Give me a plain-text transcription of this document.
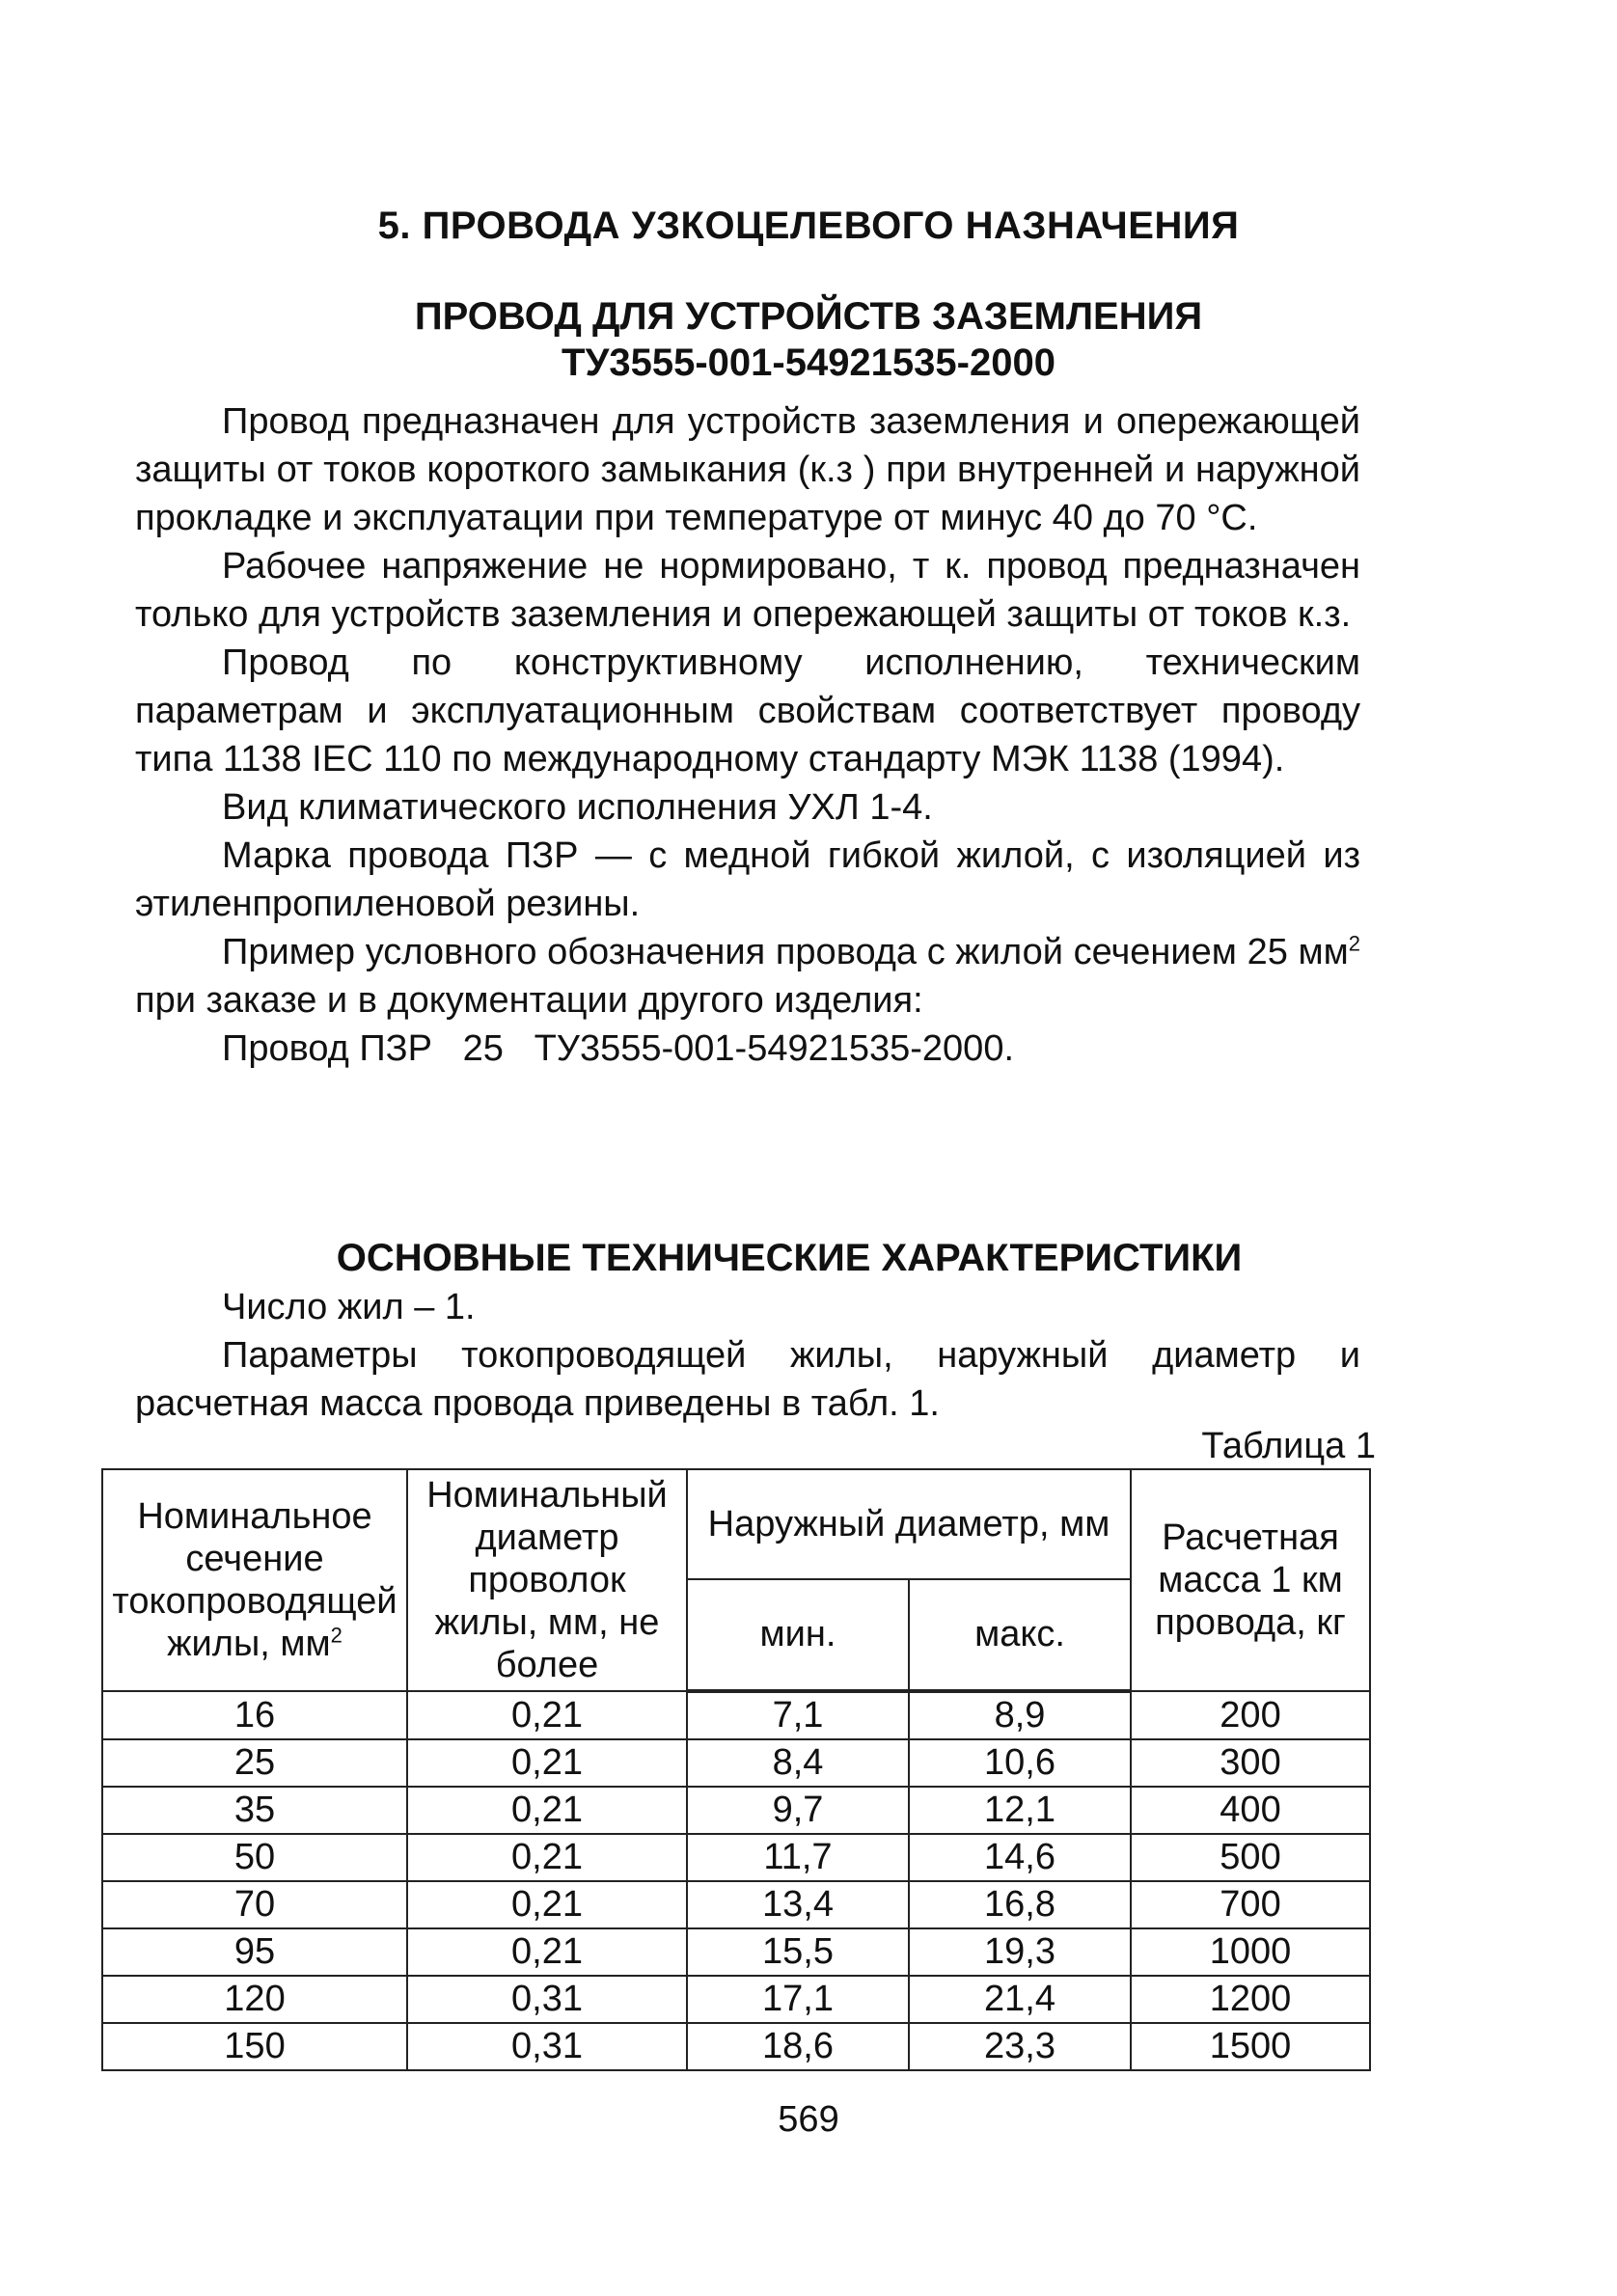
5. ПРОВОДА УЗКОЦЕЛЕВОГО НАЗНАЧЕНИЯ
ПРОВОД ДЛЯ УСТРОЙСТВ ЗАЗЕМЛЕНИЯ
ТУ3555-001-54921535-2000

Провод предназначен для устройств заземления и опережающей защиты от токов короткого замыкания (к.з ) при внутренней и наружной прокладке и эксплуатации при температуре от минус 40 до 70 °С.

Рабочее напряжение не нормировано, т к. провод предназначен только для устройств заземления и опережающей защиты от токов к.з.

Провод по конструктивному исполнению, техническим параметрам и эксплуатационным свойствам соответствует проводу типа 1138 IEC 110 по международному стандарту МЭК 1138 (1994).

Вид климатического исполнения УХЛ 1-4.

Марка провода ПЗР — с медной гибкой жилой, с изоляцией из этиленпропиленовой резины.

Пример условного обозначения провода с жилой сечением 25 $мм^2$ при заказе и в документации другого изделия:

Провод ПЗР   25   ТУ3555-001-54921535-2000.

ОСНОВНЫЕ ТЕХНИЧЕСКИЕ ХАРАКТЕРИСТИКИ

Число жил – 1.

Параметры токопроводящей жилы, наружный диаметр и расчетная масса провода приведены в табл. 1.

Таблица 1
Номинальное сечение токопроводящей жилы, $мм^2$	Номинальный диаметр проволок жилы, мм, не более	Наружный диаметр, мм		Расчетная масса 1 км провода, кг
		мин.	макс.	
16	0,21	7,1	8,9	200
25	0,21	8,4	10,6	300
35	0,21	9,7	12,1	400
50	0,21	11,7	14,6	500
70	0,21	13,4	16,8	700
95	0,21	15,5	19,3	1000
120	0,31	17,1	21,4	1200
150	0,31	18,6	23,3	1500
569
